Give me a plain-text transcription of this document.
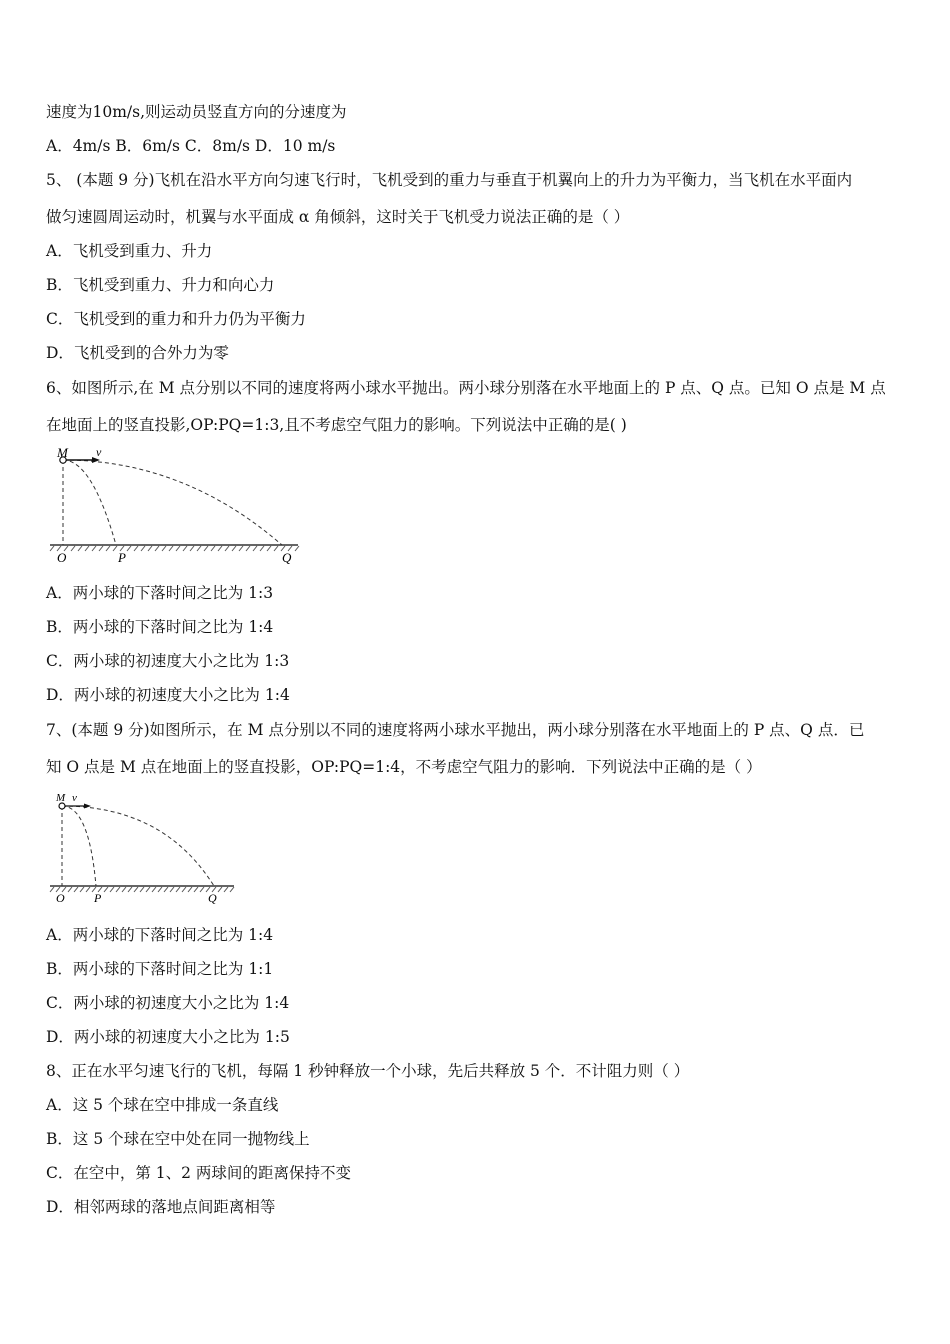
速度为10m/s,则运动员竖直方向的分速度为
A．4m/s B．6m/s C．8m/s D．10 m/s
5、 (本题 9 分)飞机在沿水平方向匀速飞行时，飞机受到的重力与垂直于机翼向上的升力为平衡力，当飞机在水平面内
做匀速圆周运动时，机翼与水平面成 α 角倾斜，这时关于飞机受力说法正确的是（ ）
A．飞机受到重力、升力
B．飞机受到重力、升力和向心力
C．飞机受到的重力和升力仍为平衡力
D．飞机受到的合外力为零
6、如图所示,在 M 点分别以不同的速度将两小球水平抛出。两小球分别落在水平地面上的 P 点、Q 点。已知 O 点是 M 点
在地面上的竖直投影,OP:PQ=1:3,且不考虑空气阻力的影响。下列说法中正确的是( )
M v
O	P	Q
A．两小球的下落时间之比为 1:3
B．两小球的下落时间之比为 1:4
C．两小球的初速度大小之比为 1:3
D．两小球的初速度大小之比为 1:4
7、(本题 9 分)如图所示，在 M 点分别以不同的速度将两小球水平抛出，两小球分别落在水平地面上的 P 点、Q 点．已
知 O 点是 M 点在地面上的竖直投影，OP:PQ=1:4，不考虑空气阻力的影响．下列说法中正确的是（ ）
M v
O P	Q
A．两小球的下落时间之比为 1:4
B．两小球的下落时间之比为 1:1
C．两小球的初速度大小之比为 1:4
D．两小球的初速度大小之比为 1:5
8、正在水平匀速飞行的飞机，每隔 1 秒钟释放一个小球，先后共释放 5 个．不计阻力则（ ）
A．这 5 个球在空中排成一条直线
B．这 5 个球在空中处在同一抛物线上
C．在空中，第 1、2 两球间的距离保持不变
D．相邻两球的落地点间距离相等
